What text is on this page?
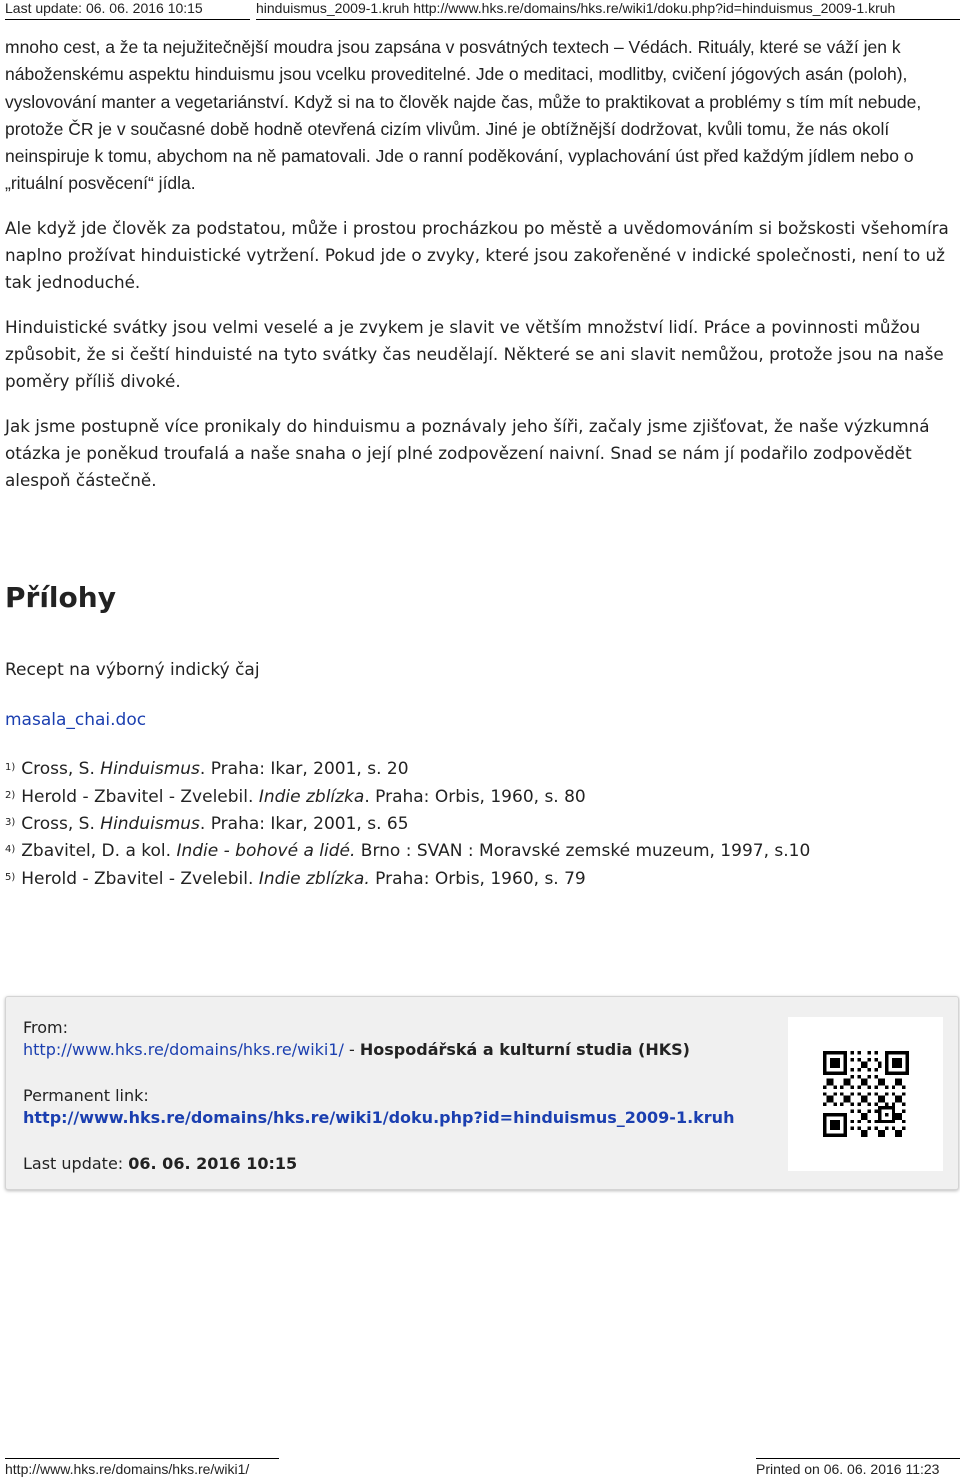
Last update: 06. 06. 2016 10:15	hinduismus_2009-1.kruh http://www.hks.re/domains/hks.re/wiki1/doku.php?id=hinduismus_2009-1.kruh

mnoho cest, a že ta nejužitečnější moudra jsou zapsána v posvátných textech – Védách. Rituály, které se váží jen k náboženskému aspektu hinduismu jsou vcelku proveditelné. Jde o meditaci, modlitby, cvičení jógových asán (poloh), vyslovování manter a vegetariánství. Když si na to člověk najde čas, může to praktikovat a problémy s tím mít nebude, protože ČR je v současné době hodně otevřená cizím vlivům. Jiné je obtížnější dodržovat, kvůli tomu, že nás okolí neinspiruje k tomu, abychom na ně pamatovali. Jde o ranní poděkování, vyplachování úst před každým jídlem nebo o „rituální posvěcení“ jídla.

Ale když jde člověk za podstatou, může i prostou procházkou po městě a uvědomováním si božskosti všehomíra naplno prožívat hinduistické vytržení. Pokud jde o zvyky, které jsou zakořeněné v indické společnosti, není to už tak jednoduché.

Hinduistické svátky jsou velmi veselé a je zvykem je slavit ve větším množství lidí. Práce a povinnosti můžou způsobit, že si čeští hinduisté na tyto svátky čas neudělají. Některé se ani slavit nemůžou, protože jsou na naše poměry příliš divoké.

Jak jsme postupně více pronikaly do hinduismu a poznávaly jeho šíři, začaly jsme zjišťovat, že naše výzkumná otázka je poněkud troufalá a naše snaha o její plné zodpovězení naivní. Snad se nám jí podařilo zodpovědět alespoň částečně.

Přílohy
Recept na výborný indický čaj
masala_chai.doc
$^{1)}$ Cross, S. Hinduismus. Praha: Ikar, 2001, s. 20
$^{2)}$ Herold - Zbavitel - Zvelebil. Indie zblízka. Praha: Orbis, 1960, s. 80
$^{3)}$ Cross, S. Hinduismus. Praha: Ikar, 2001, s. 65
$^{4)}$ Zbavitel, D. a kol. Indie - bohové a lidé. Brno : SVAN : Moravské zemské muzeum, 1997, s.10
$^{5)}$ Herold - Zbavitel - Zvelebil. Indie zblízka. Praha: Orbis, 1960, s. 79
From:
http://www.hks.re/domains/hks.re/wiki1/ - Hospodářská a kulturní studia (HKS)
Permanent link:
http://www.hks.re/domains/hks.re/wiki1/doku.php?id=hinduismus_2009-1.kruh
Last update: 06. 06. 2016 10:15
http://www.hks.re/domains/hks.re/wiki1/	Printed on 06. 06. 2016 11:23
